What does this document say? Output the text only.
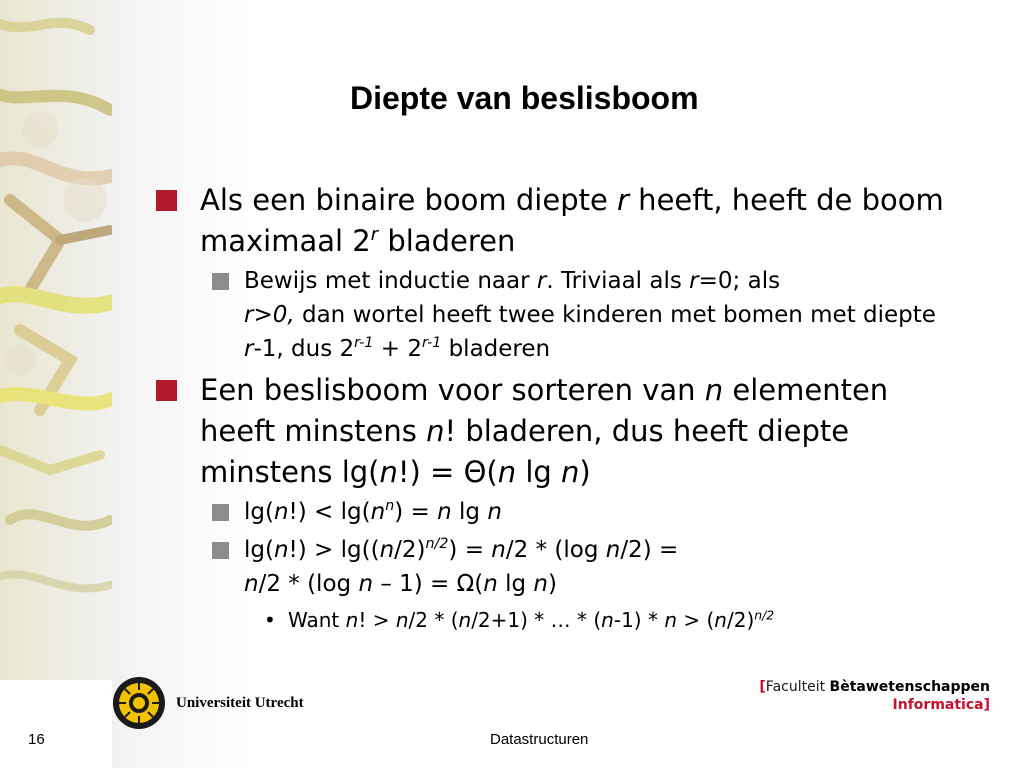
Diepte van beslisboom
Als een binaire boom diepte r heeft, heeft de boom maximaal 2$^r$ bladeren
Bewijs met inductie naar r. Triviaal als r=0; als
r>0, dan wortel heeft twee kinderen met bomen met diepte r-1, dus $2^{r-1} + 2^{r-1}$ bladeren
Een beslisboom voor sorteren van n elementen heeft minstens n! bladeren, dus heeft diepte minstens lg(n!) = Θ(n lg n)
$\lg(n!) < \lg(n^n) = n$ lg n
$\lg(n!) > \lg((n/2)^{n/2}) = n/2 * (\log$ n/2) =
n/2 * (log n – 1) = Ω(n lg n)
• Want n! > n/2 * (n/2+1) * … * $(n-1) * n > (n/2)^{n/2}$
Universiteit Utrecht
[Faculteit Bètawetenschappen
Informatica]
16	Datastructuren
